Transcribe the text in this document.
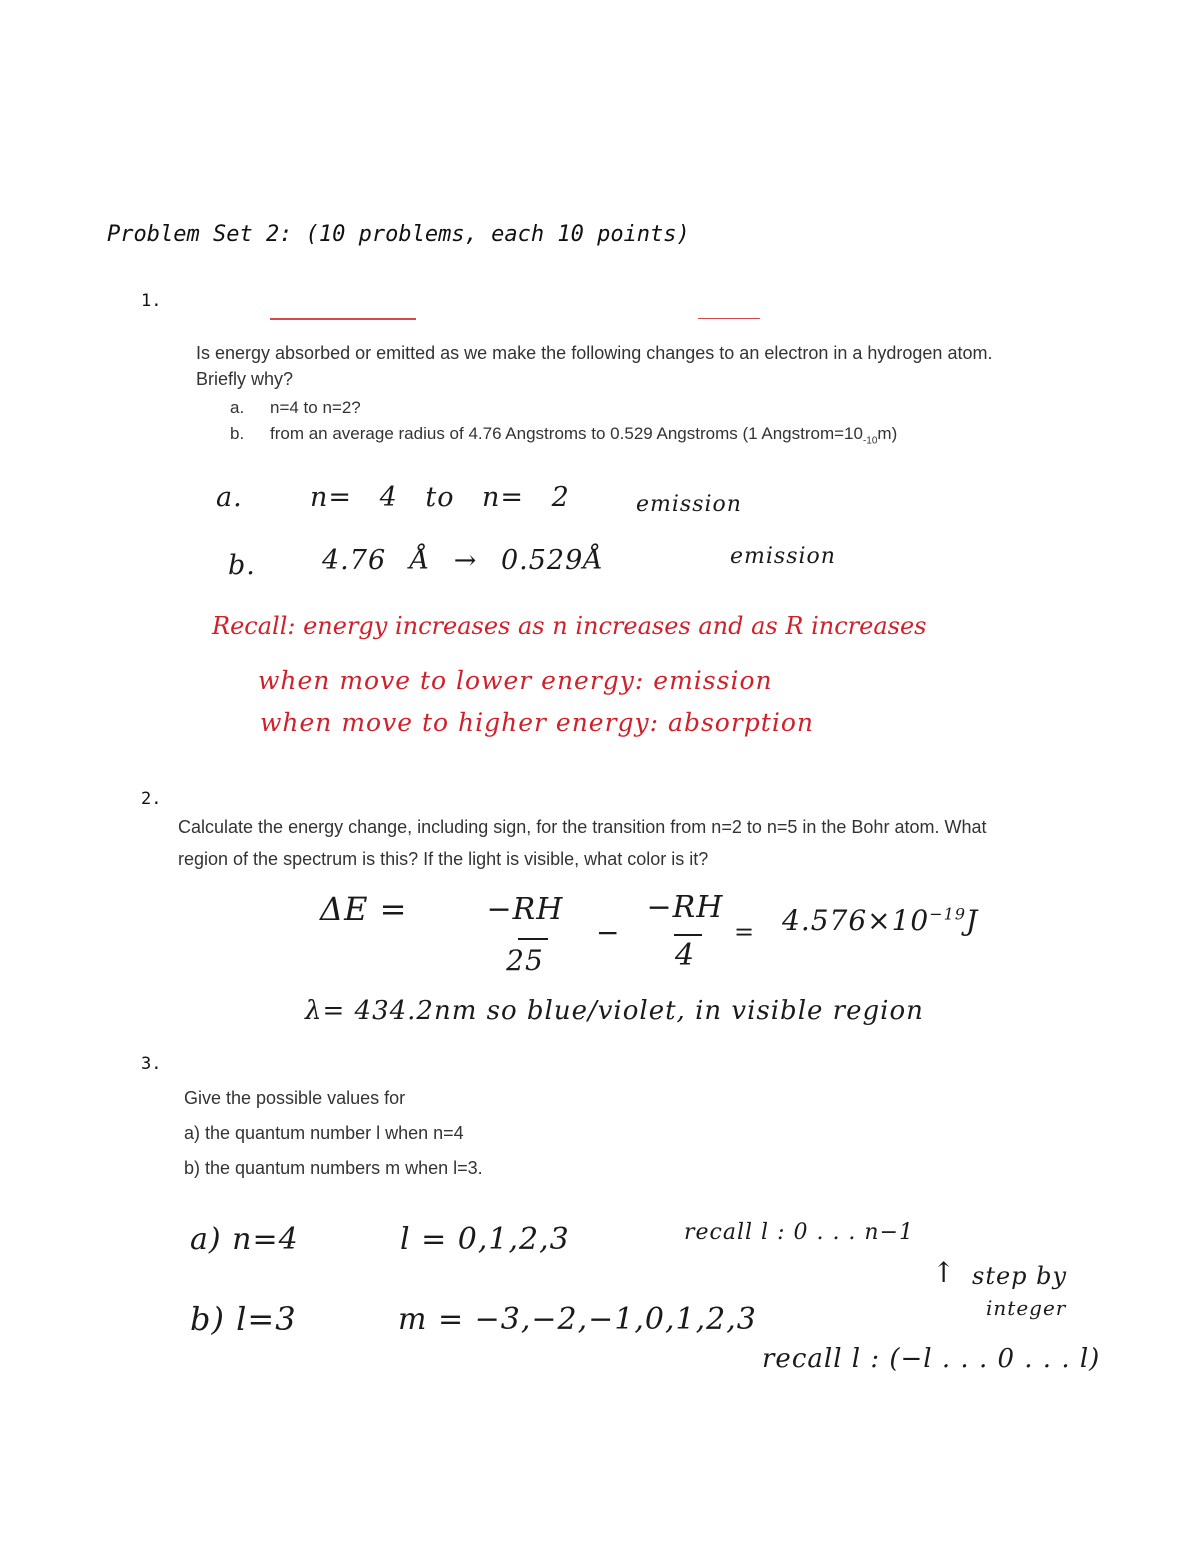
Problem Set 2: (10 problems, each 10 points)
1.
Is energy absorbed or emitted as we make the following changes to an electron in a hydrogen atom.
Briefly why?
a. n=4 to n=2?
b. from an average radius of 4.76 Angstroms to 0.529 Angstroms (1 $Angstrom=10_{-10}m$)
a. n= 4 to n= 2	emission
b. 4.76 Å → 0.529Å	emission
Recall: energy increases as n increases and as R increases
when move to lower energy: emission
when move to higher energy: absorption
2.
Calculate the energy change, including sign, for the transition from n=2 to n=5 in the Bohr atom. What
region of the spectrum is this? If the light is visible, what color is it?
ΔE =	−RH
25
−
−RH
4
= $4.576\times 10^{-19}J$
λ= 434.2nm so blue/violet, in visible region
3.
Give the possible values for
a) the quantum number l when n=4
b) the quantum numbers m when l=3.
a) n=4	l = 0,1,2,3	recall l : 0 . . . n−1
↑ step by
integer
b) l=3	m = −3,−2,−1,0,1,2,3
recall l : (−l . . . 0 . . . l)
